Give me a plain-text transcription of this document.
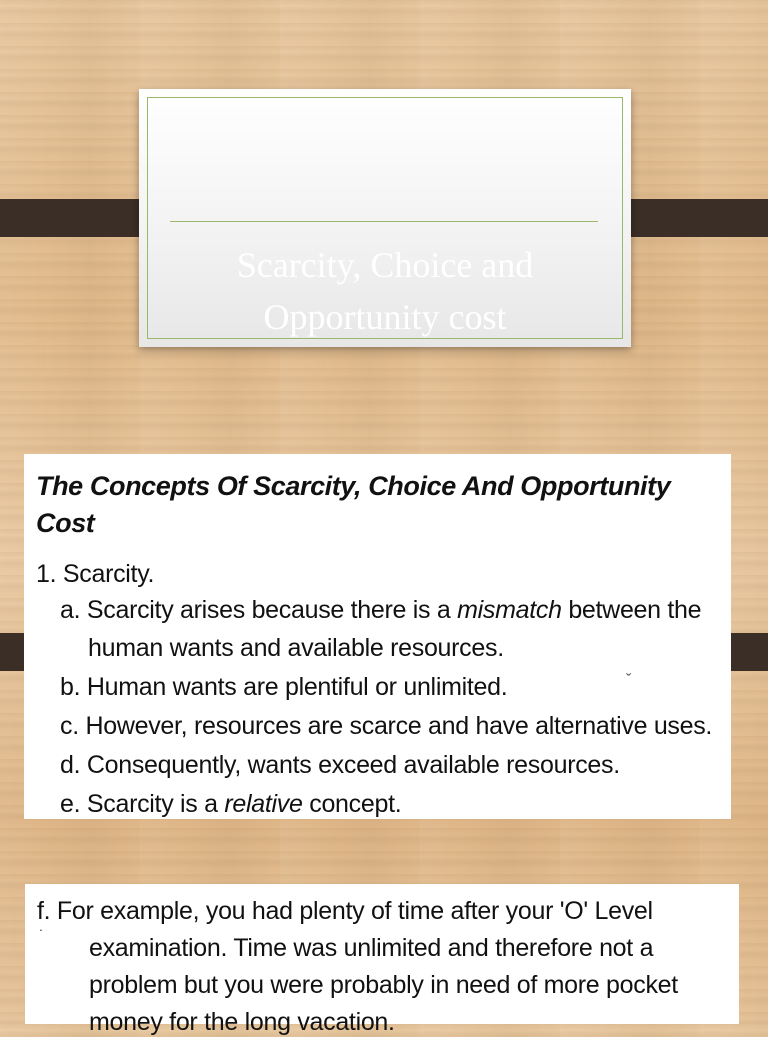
Scarcity, Choice and
Opportunity cost
The Concepts Of Scarcity, Choice And Opportunity
Cost
1. Scarcity.
a. Scarcity arises because there is a mismatch between the
human wants and available resources.
b. Human wants are plentiful or unlimited.
c. However, resources are scarce and have alternative uses.
d. Consequently, wants exceed available resources.
e. Scarcity is a relative concept.
ˇ
f. For example, you had plenty of time after your 'O' Level
examination. Time was unlimited and therefore not a
problem but you were probably in need of more pocket
money for the long vacation.
˙
